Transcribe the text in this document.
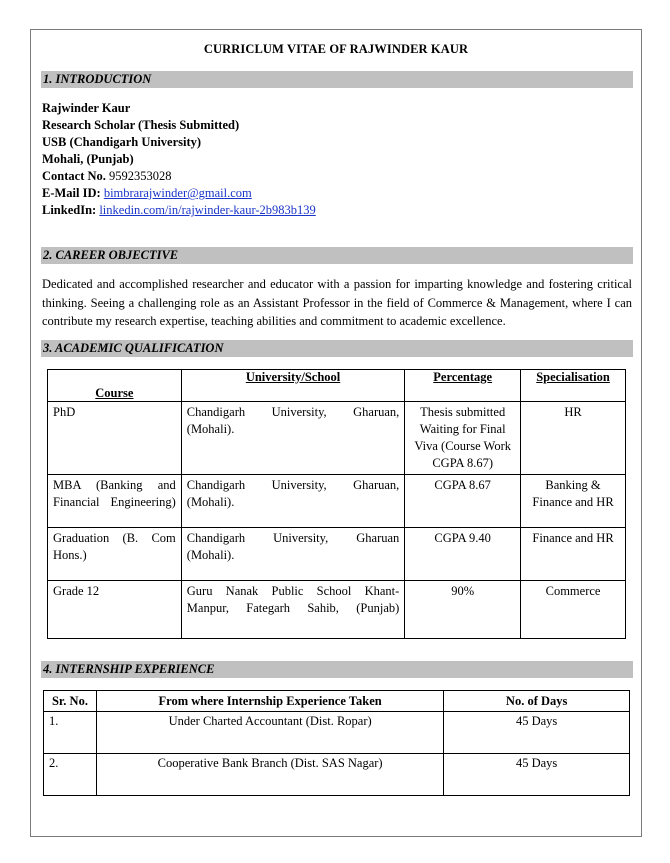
CURRICLUM VITAE OF RAJWINDER KAUR
1. INTRODUCTION
Rajwinder Kaur
Research Scholar (Thesis Submitted)
USB (Chandigarh University)
Mohali, (Punjab)
Contact No. 9592353028
E-Mail ID: bimbrarajwinder@gmail.com
LinkedIn: linkedin.com/in/rajwinder-kaur-2b983b139
2. CAREER OBJECTIVE
Dedicated and accomplished researcher and educator with a passion for imparting knowledge and fostering critical thinking. Seeing a challenging role as an Assistant Professor in the field of Commerce & Management, where I can contribute my research expertise, teaching abilities and commitment to academic excellence.
3. ACADEMIC QUALIFICATION
Course	University/School	Percentage	Specialisation
PhD	Chandigarh University, Gharuan, (Mohali).	Thesis submitted Waiting for Final Viva (Course Work CGPA 8.67)	HR
MBA (Banking and Financial Engineering)	Chandigarh University, Gharuan, (Mohali).	CGPA 8.67	Banking & Finance and HR
Graduation (B. Com Hons.)	Chandigarh University, Gharuan (Mohali).	CGPA 9.40	Finance and HR
Grade 12	Guru Nanak Public School Khant-Manpur, Fategarh Sahib, (Punjab)	90%	Commerce
4. INTERNSHIP EXPERIENCE
Sr. No.	From where Internship Experience Taken	No. of Days
1.	Under Charted Accountant (Dist. Ropar)	45 Days
2.	Cooperative Bank Branch (Dist. SAS Nagar)	45 Days
